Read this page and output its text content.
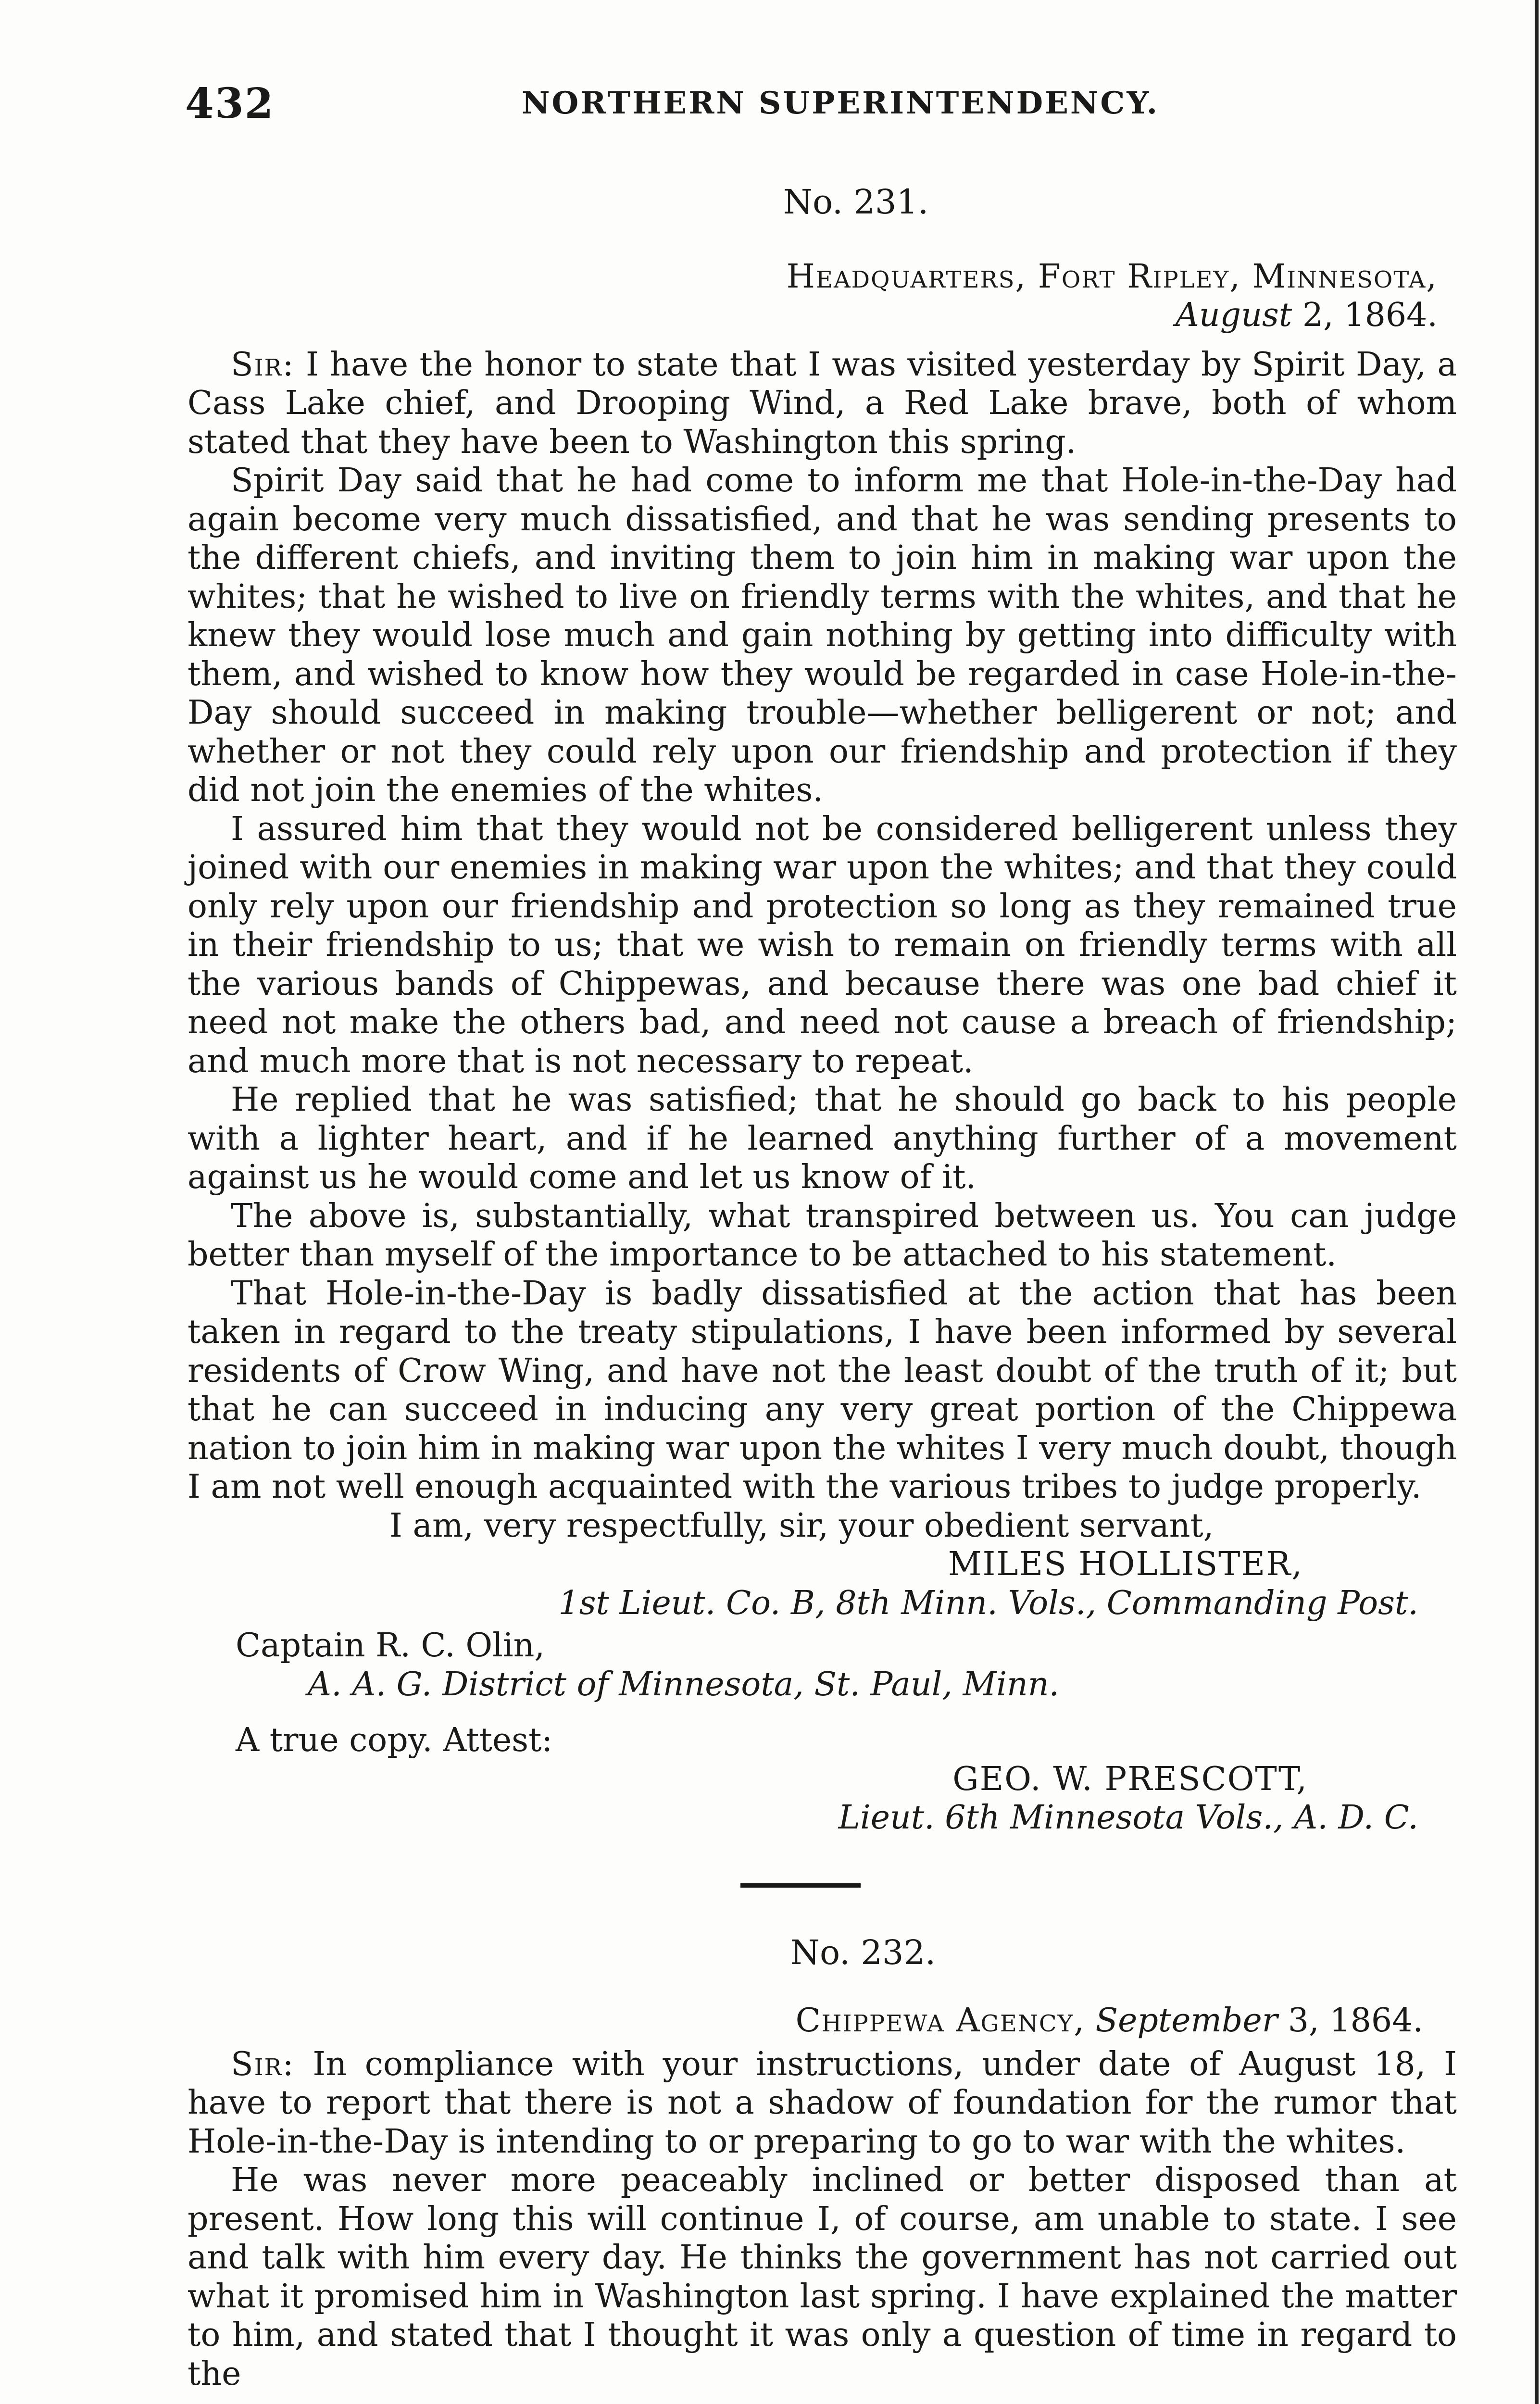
432	NORTHERN SUPERINTENDENCY.
No. 231.
Headquarters, Fort Ripley, Minnesota,
August 2, 1864.

Sir: I have the honor to state that I was visited yesterday by Spirit Day, a Cass Lake chief, and Drooping Wind, a Red Lake brave, both of whom stated that they have been to Washington this spring.

Spirit Day said that he had come to inform me that Hole-in-the-Day had again become very much dissatisfied, and that he was sending presents to the different chiefs, and inviting them to join him in making war upon the whites; that he wished to live on friendly terms with the whites, and that he knew they would lose much and gain nothing by getting into difficulty with them, and wished to know how they would be regarded in case Hole-in-the-Day should succeed in making trouble—whether belligerent or not; and whether or not they could rely upon our friendship and protection if they did not join the enemies of the whites.

I assured him that they would not be considered belligerent unless they joined with our enemies in making war upon the whites; and that they could only rely upon our friendship and protection so long as they remained true in their friendship to us; that we wish to remain on friendly terms with all the various bands of Chippewas, and because there was one bad chief it need not make the others bad, and need not cause a breach of friendship; and much more that is not necessary to repeat.

He replied that he was satisfied; that he should go back to his people with a lighter heart, and if he learned anything further of a movement against us he would come and let us know of it.

The above is, substantially, what transpired between us. You can judge better than myself of the importance to be attached to his statement.

That Hole-in-the-Day is badly dissatisfied at the action that has been taken in regard to the treaty stipulations, I have been informed by several residents of Crow Wing, and have not the least doubt of the truth of it; but that he can succeed in inducing any very great portion of the Chippewa nation to join him in making war upon the whites I very much doubt, though I am not well enough acquainted with the various tribes to judge properly.

I am, very respectfully, sir, your obedient servant,
MILES HOLLISTER,
1st Lieut. Co. B, 8th Minn. Vols., Commanding Post.
Captain R. C. Olin,
A. A. G. District of Minnesota, St. Paul, Minn.
A true copy. Attest:
GEO. W. PRESCOTT,
Lieut. 6th Minnesota Vols., A. D. C.
No. 232.
Chippewa Agency, September 3, 1864.

Sir: In compliance with your instructions, under date of August 18, I have to report that there is not a shadow of foundation for the rumor that Hole-in-the-Day is intending to or preparing to go to war with the whites.

He was never more peaceably inclined or better disposed than at present. How long this will continue I, of course, am unable to state. I see and talk with him every day. He thinks the government has not carried out what it promised him in Washington last spring. I have explained the matter to him, and stated that I thought it was only a question of time in regard to the
